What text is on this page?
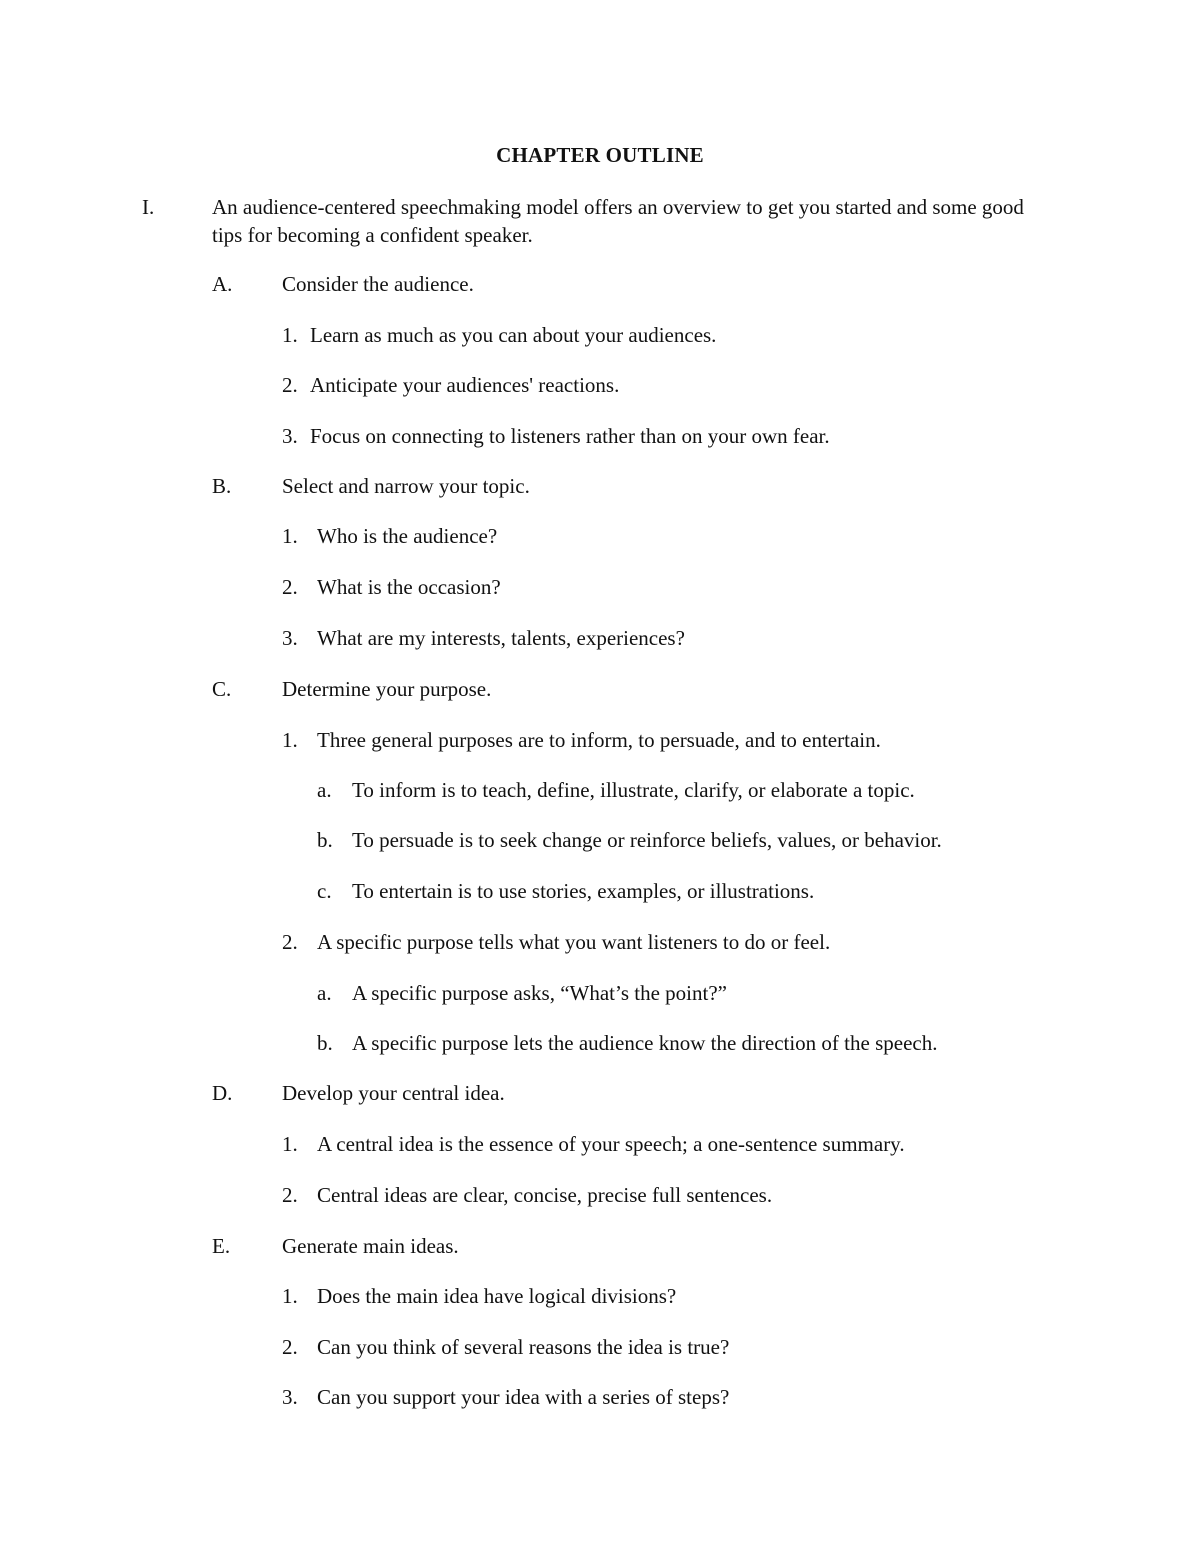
CHAPTER OUTLINE
I.	An audience-centered speechmaking model offers an overview to get you started and some good tips for becoming a confident speaker.
A. Consider the audience.
1. Learn as much as you can about your audiences.
2. Anticipate your audiences' reactions.
3. Focus on connecting to listeners rather than on your own fear.
B. Select and narrow your topic.
1. Who is the audience?
2. What is the occasion?
3. What are my interests, talents, experiences?
C. Determine your purpose.
1. Three general purposes are to inform, to persuade, and to entertain.
a. To inform is to teach, define, illustrate, clarify, or elaborate a topic.
b. To persuade is to seek change or reinforce beliefs, values, or behavior.
c. To entertain is to use stories, examples, or illustrations.
2. A specific purpose tells what you want listeners to do or feel.
a. A specific purpose asks, “What’s the point?”
b. A specific purpose lets the audience know the direction of the speech.
D. Develop your central idea.
1. A central idea is the essence of your speech; a one-sentence summary.
2. Central ideas are clear, concise, precise full sentences.
E. Generate main ideas.
1. Does the main idea have logical divisions?
2. Can you think of several reasons the idea is true?
3. Can you support your idea with a series of steps?
